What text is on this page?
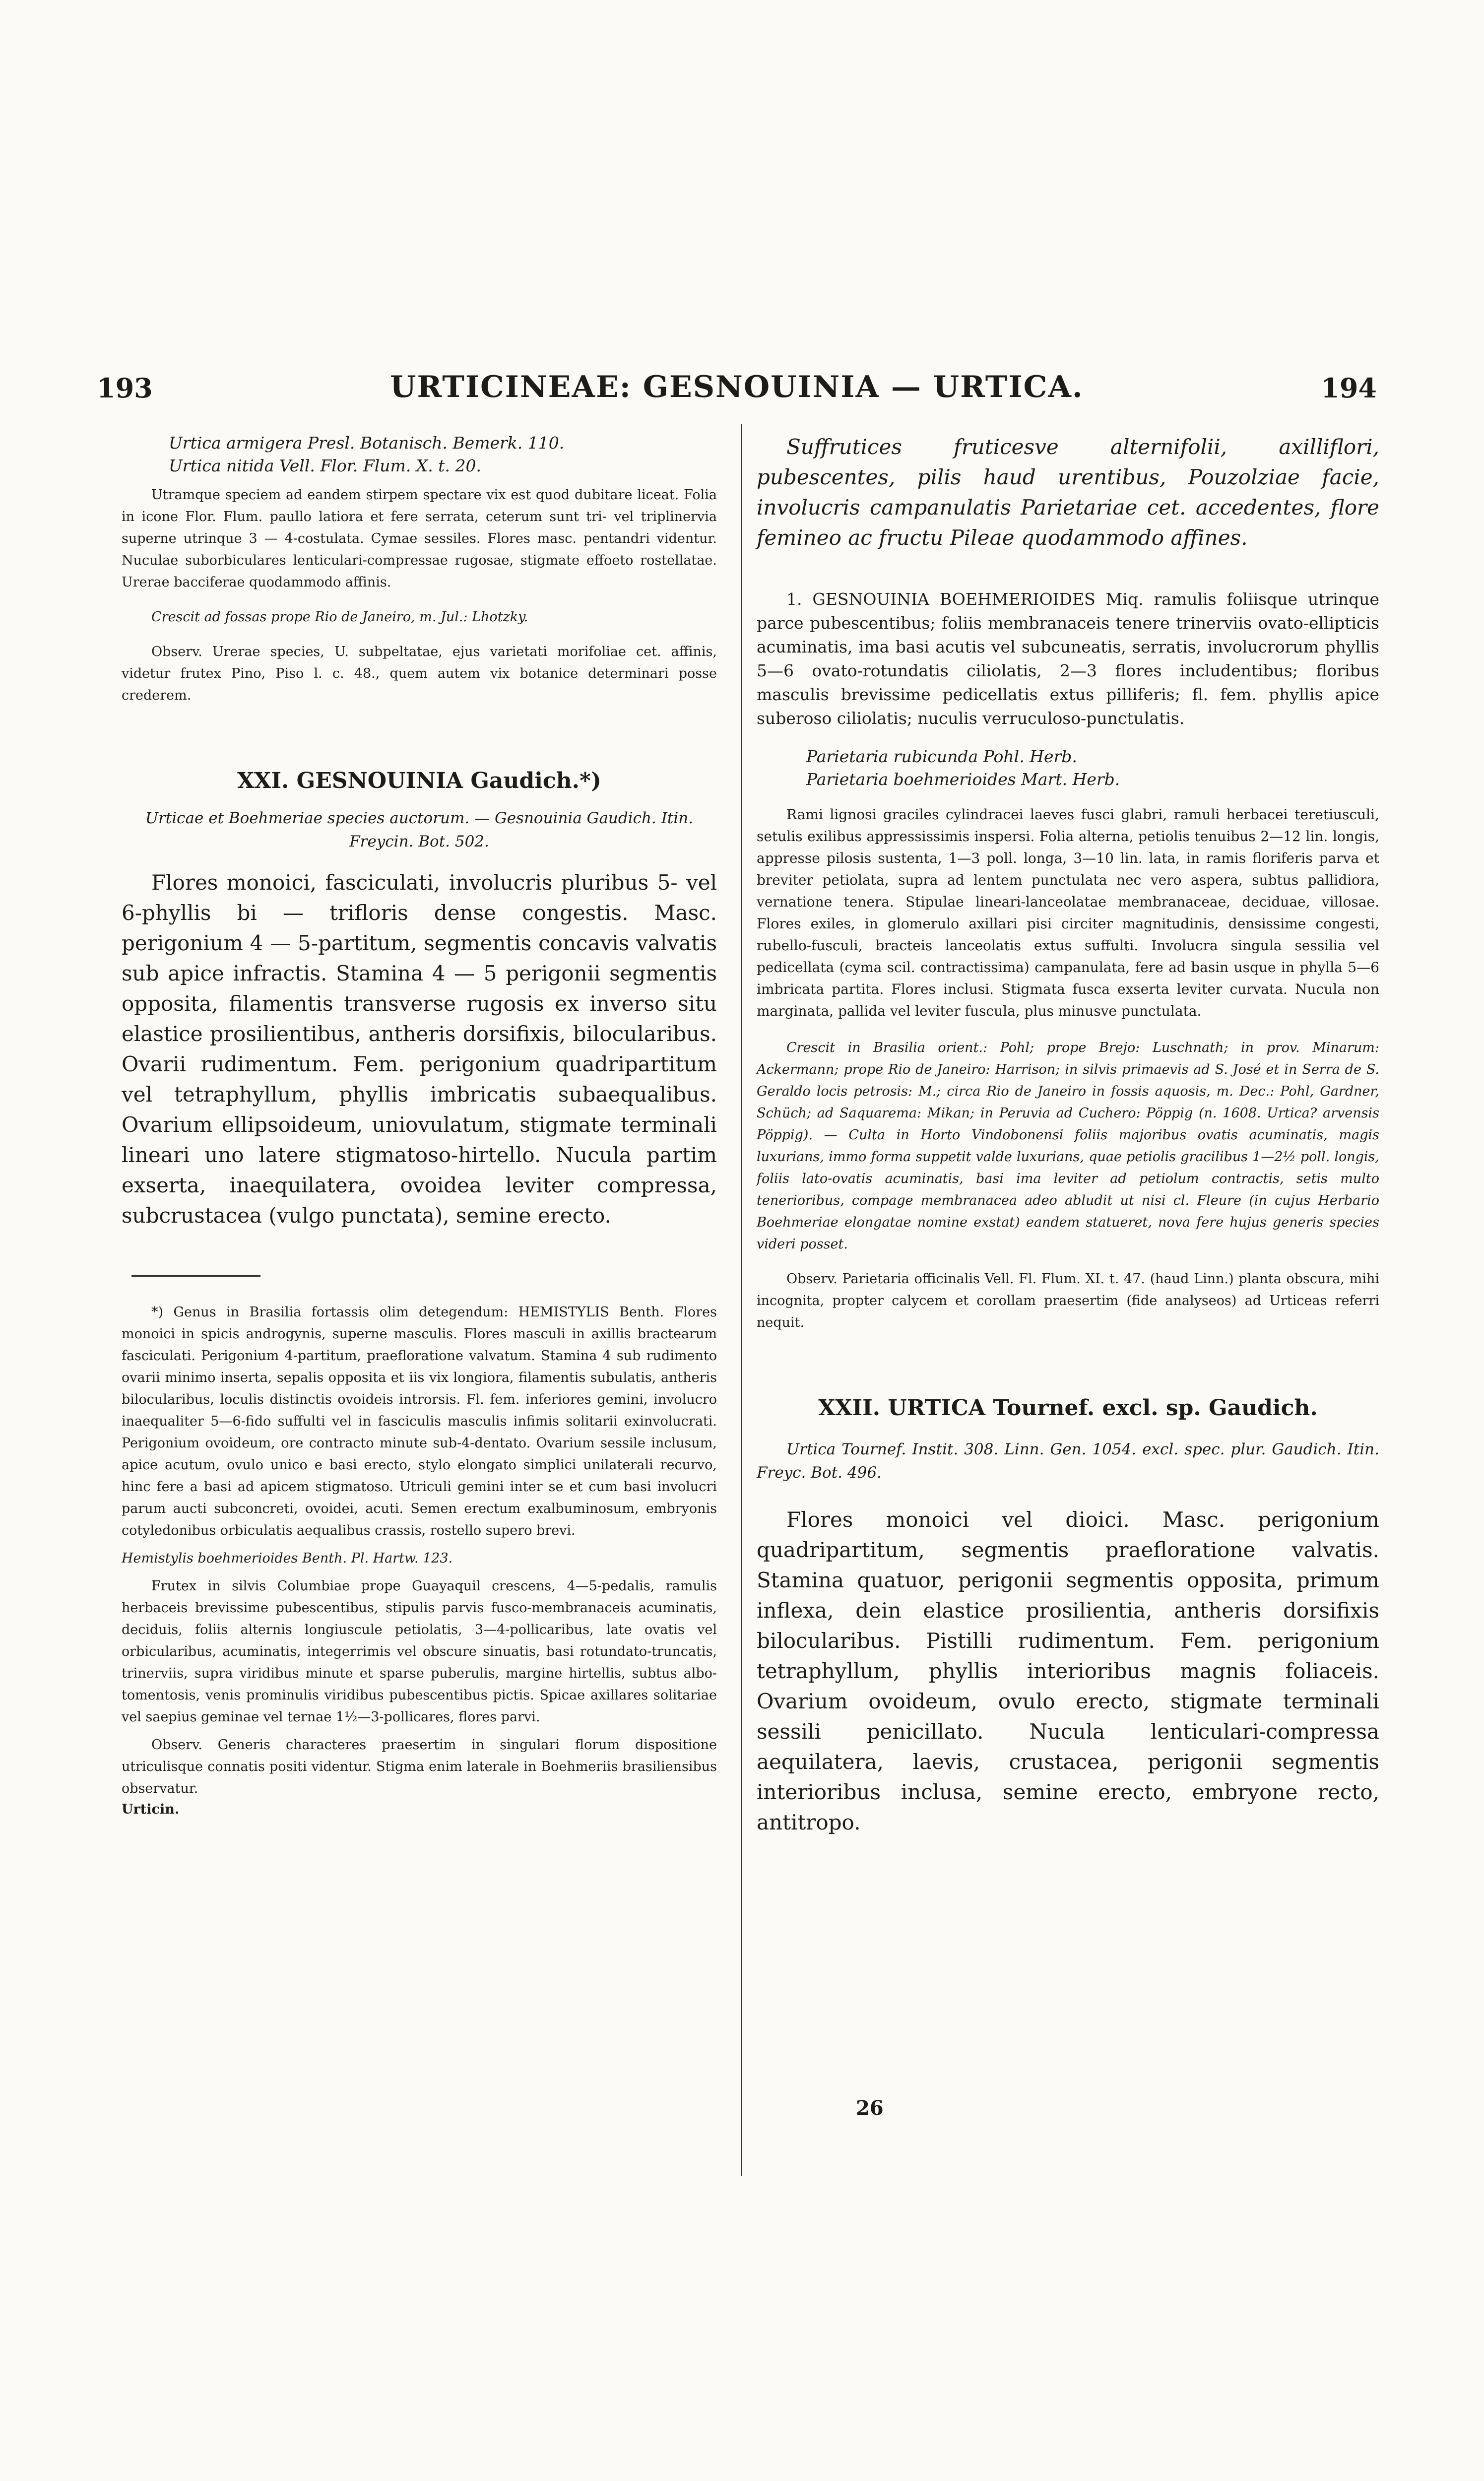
193	URTICINEAE: GESNOUINIA — URTICA.	194

Urtica armigera Presl. Botanisch. Bemerk. 110.

Urtica nitida Vell. Flor. Flum. X. t. 20.

Utramque speciem ad eandem stirpem spectare vix est quod dubitare liceat. Folia in icone Flor. Flum. paullo latiora et fere serrata, ceterum sunt tri- vel triplinervia superne utrinque 3 — 4-costulata. Cymae sessiles. Flores masc. pentandri videntur. Nuculae suborbiculares lenticulari-compressae rugosae, stigmate effoeto rostellatae. Urerae bacciferae quodammodo affinis.

Crescit ad fossas prope Rio de Janeiro, m. Jul.: Lhotzky.

Observ. Urerae species, U. subpeltatae, ejus varietati morifoliae cet. affinis, videtur frutex Pino, Piso l. c. 48., quem autem vix botanice determinari posse crederem.

XXI. GESNOUINIA Gaudich.*)

Urticae et Boehmeriae species auctorum. — Gesnouinia Gaudich. Itin. Freycin. Bot. 502.

Flores monoici, fasciculati, involucris pluribus 5- vel 6-phyllis bi — trifloris dense congestis. Masc. perigonium 4 — 5-partitum, segmentis concavis valvatis sub apice infractis. Stamina 4 — 5 perigonii segmentis opposita, filamentis transverse rugosis ex inverso situ elastice prosilientibus, antheris dorsifixis, bilocularibus. Ovarii rudimentum. Fem. perigonium quadripartitum vel tetraphyllum, phyllis imbricatis subaequalibus. Ovarium ellipsoideum, uniovulatum, stigmate terminali lineari uno latere stigmatoso-hirtello. Nucula partim exserta, inaequilatera, ovoidea leviter compressa, subcrustacea (vulgo punctata), semine erecto.

*) Genus in Brasilia fortassis olim detegendum: HEMISTYLIS Benth. Flores monoici in spicis androgynis, superne masculis. Flores masculi in axillis bractearum fasciculati. Perigonium 4-partitum, praefloratione valvatum. Stamina 4 sub rudimento ovarii minimo inserta, sepalis opposita et iis vix longiora, filamentis subulatis, antheris bilocularibus, loculis distinctis ovoideis introrsis. Fl. fem. inferiores gemini, involucro inaequaliter 5—6-fido suffulti vel in fasciculis masculis infimis solitarii exinvolucrati. Perigonium ovoideum, ore contracto minute sub-4-dentato. Ovarium sessile inclusum, apice acutum, ovulo unico e basi erecto, stylo elongato simplici unilaterali recurvo, hinc fere a basi ad apicem stigmatoso. Utriculi gemini inter se et cum basi involucri parum aucti subconcreti, ovoidei, acuti. Semen erectum exalbuminosum, embryonis cotyledonibus orbiculatis aequalibus crassis, rostello supero brevi.

Hemistylis boehmerioides Benth. Pl. Hartw. 123.

Frutex in silvis Columbiae prope Guayaquil crescens, 4—5-pedalis, ramulis herbaceis brevissime pubescentibus, stipulis parvis fusco-membranaceis acuminatis, deciduis, foliis alternis longiuscule petiolatis, 3—4-pollicaribus, late ovatis vel orbicularibus, acuminatis, integerrimis vel obscure sinuatis, basi rotundato-truncatis, trinerviis, supra viridibus minute et sparse puberulis, margine hirtellis, subtus albo-tomentosis, venis prominulis viridibus pubescentibus pictis. Spicae axillares solitariae vel saepius geminae vel ternae 1½—3-pollicares, flores parvi.

Observ. Generis characteres praesertim in singulari florum dispositione utriculisque connatis positi videntur. Stigma enim laterale in Boehmeriis brasiliensibus observatur.

Urticin.

Suffrutices fruticesve alternifolii, axilliflori, pubescentes, pilis haud urentibus, Pouzolziae facie, involucris campanulatis Parietariae cet. accedentes, flore femineo ac fructu Pileae quodammodo affines.

1. GESNOUINIA BOEHMERIOIDES Miq. ramulis foliisque utrinque parce pubescentibus; foliis membranaceis tenere trinerviis ovato-ellipticis acuminatis, ima basi acutis vel subcuneatis, serratis, involucrorum phyllis 5—6 ovato-rotundatis ciliolatis, 2—3 flores includentibus; floribus masculis brevissime pedicellatis extus pilliferis; fl. fem. phyllis apice suberoso ciliolatis; nuculis verruculoso-punctulatis.

Parietaria rubicunda Pohl. Herb.

Parietaria boehmerioides Mart. Herb.

Rami lignosi graciles cylindracei laeves fusci glabri, ramuli herbacei teretiusculi, setulis exilibus appressissimis inspersi. Folia alterna, petiolis tenuibus 2—12 lin. longis, appresse pilosis sustenta, 1—3 poll. longa, 3—10 lin. lata, in ramis floriferis parva et breviter petiolata, supra ad lentem punctulata nec vero aspera, subtus pallidiora, vernatione tenera. Stipulae lineari-lanceolatae membranaceae, deciduae, villosae. Flores exiles, in glomerulo axillari pisi circiter magnitudinis, densissime congesti, rubello-fusculi, bracteis lanceolatis extus suffulti. Involucra singula sessilia vel pedicellata (cyma scil. contractissima) campanulata, fere ad basin usque in phylla 5—6 imbricata partita. Flores inclusi. Stigmata fusca exserta leviter curvata. Nucula non marginata, pallida vel leviter fuscula, plus minusve punctulata.

Crescit in Brasilia orient.: Pohl; prope Brejo: Luschnath; in prov. Minarum: Ackermann; prope Rio de Janeiro: Harrison; in silvis primaevis ad S. José et in Serra de S. Geraldo locis petrosis: M.; circa Rio de Janeiro in fossis aquosis, m. Dec.: Pohl, Gardner, Schüch; ad Saquarema: Mikan; in Peruvia ad Cuchero: Pöppig (n. 1608. Urtica? arvensis Pöppig). — Culta in Horto Vindobonensi foliis majoribus ovatis acuminatis, magis luxurians, immo forma suppetit valde luxurians, quae petiolis gracilibus 1—2½ poll. longis, foliis lato-ovatis acuminatis, basi ima leviter ad petiolum contractis, setis multo tenerioribus, compage membranacea adeo abludit ut nisi cl. Fleure (in cujus Herbario Boehmeriae elongatae nomine exstat) eandem statueret, nova fere hujus generis species videri posset.

Observ. Parietaria officinalis Vell. Fl. Flum. XI. t. 47. (haud Linn.) planta obscura, mihi incognita, propter calycem et corollam praesertim (fide analyseos) ad Urticeas referri nequit.

XXII. URTICA Tournef. excl. sp. Gaudich.

Urtica Tournef. Instit. 308. Linn. Gen. 1054. excl. spec. plur. Gaudich. Itin. Freyc. Bot. 496.

Flores monoici vel dioici. Masc. perigonium quadripartitum, segmentis praefloratione valvatis. Stamina quatuor, perigonii segmentis opposita, primum inflexa, dein elastice prosilientia, antheris dorsifixis bilocularibus. Pistilli rudimentum. Fem. perigonium tetraphyllum, phyllis interioribus magnis foliaceis. Ovarium ovoideum, ovulo erecto, stigmate terminali sessili penicillato. Nucula lenticulari-compressa aequilatera, laevis, crustacea, perigonii segmentis interioribus inclusa, semine erecto, embryone recto, antitropo.

26
